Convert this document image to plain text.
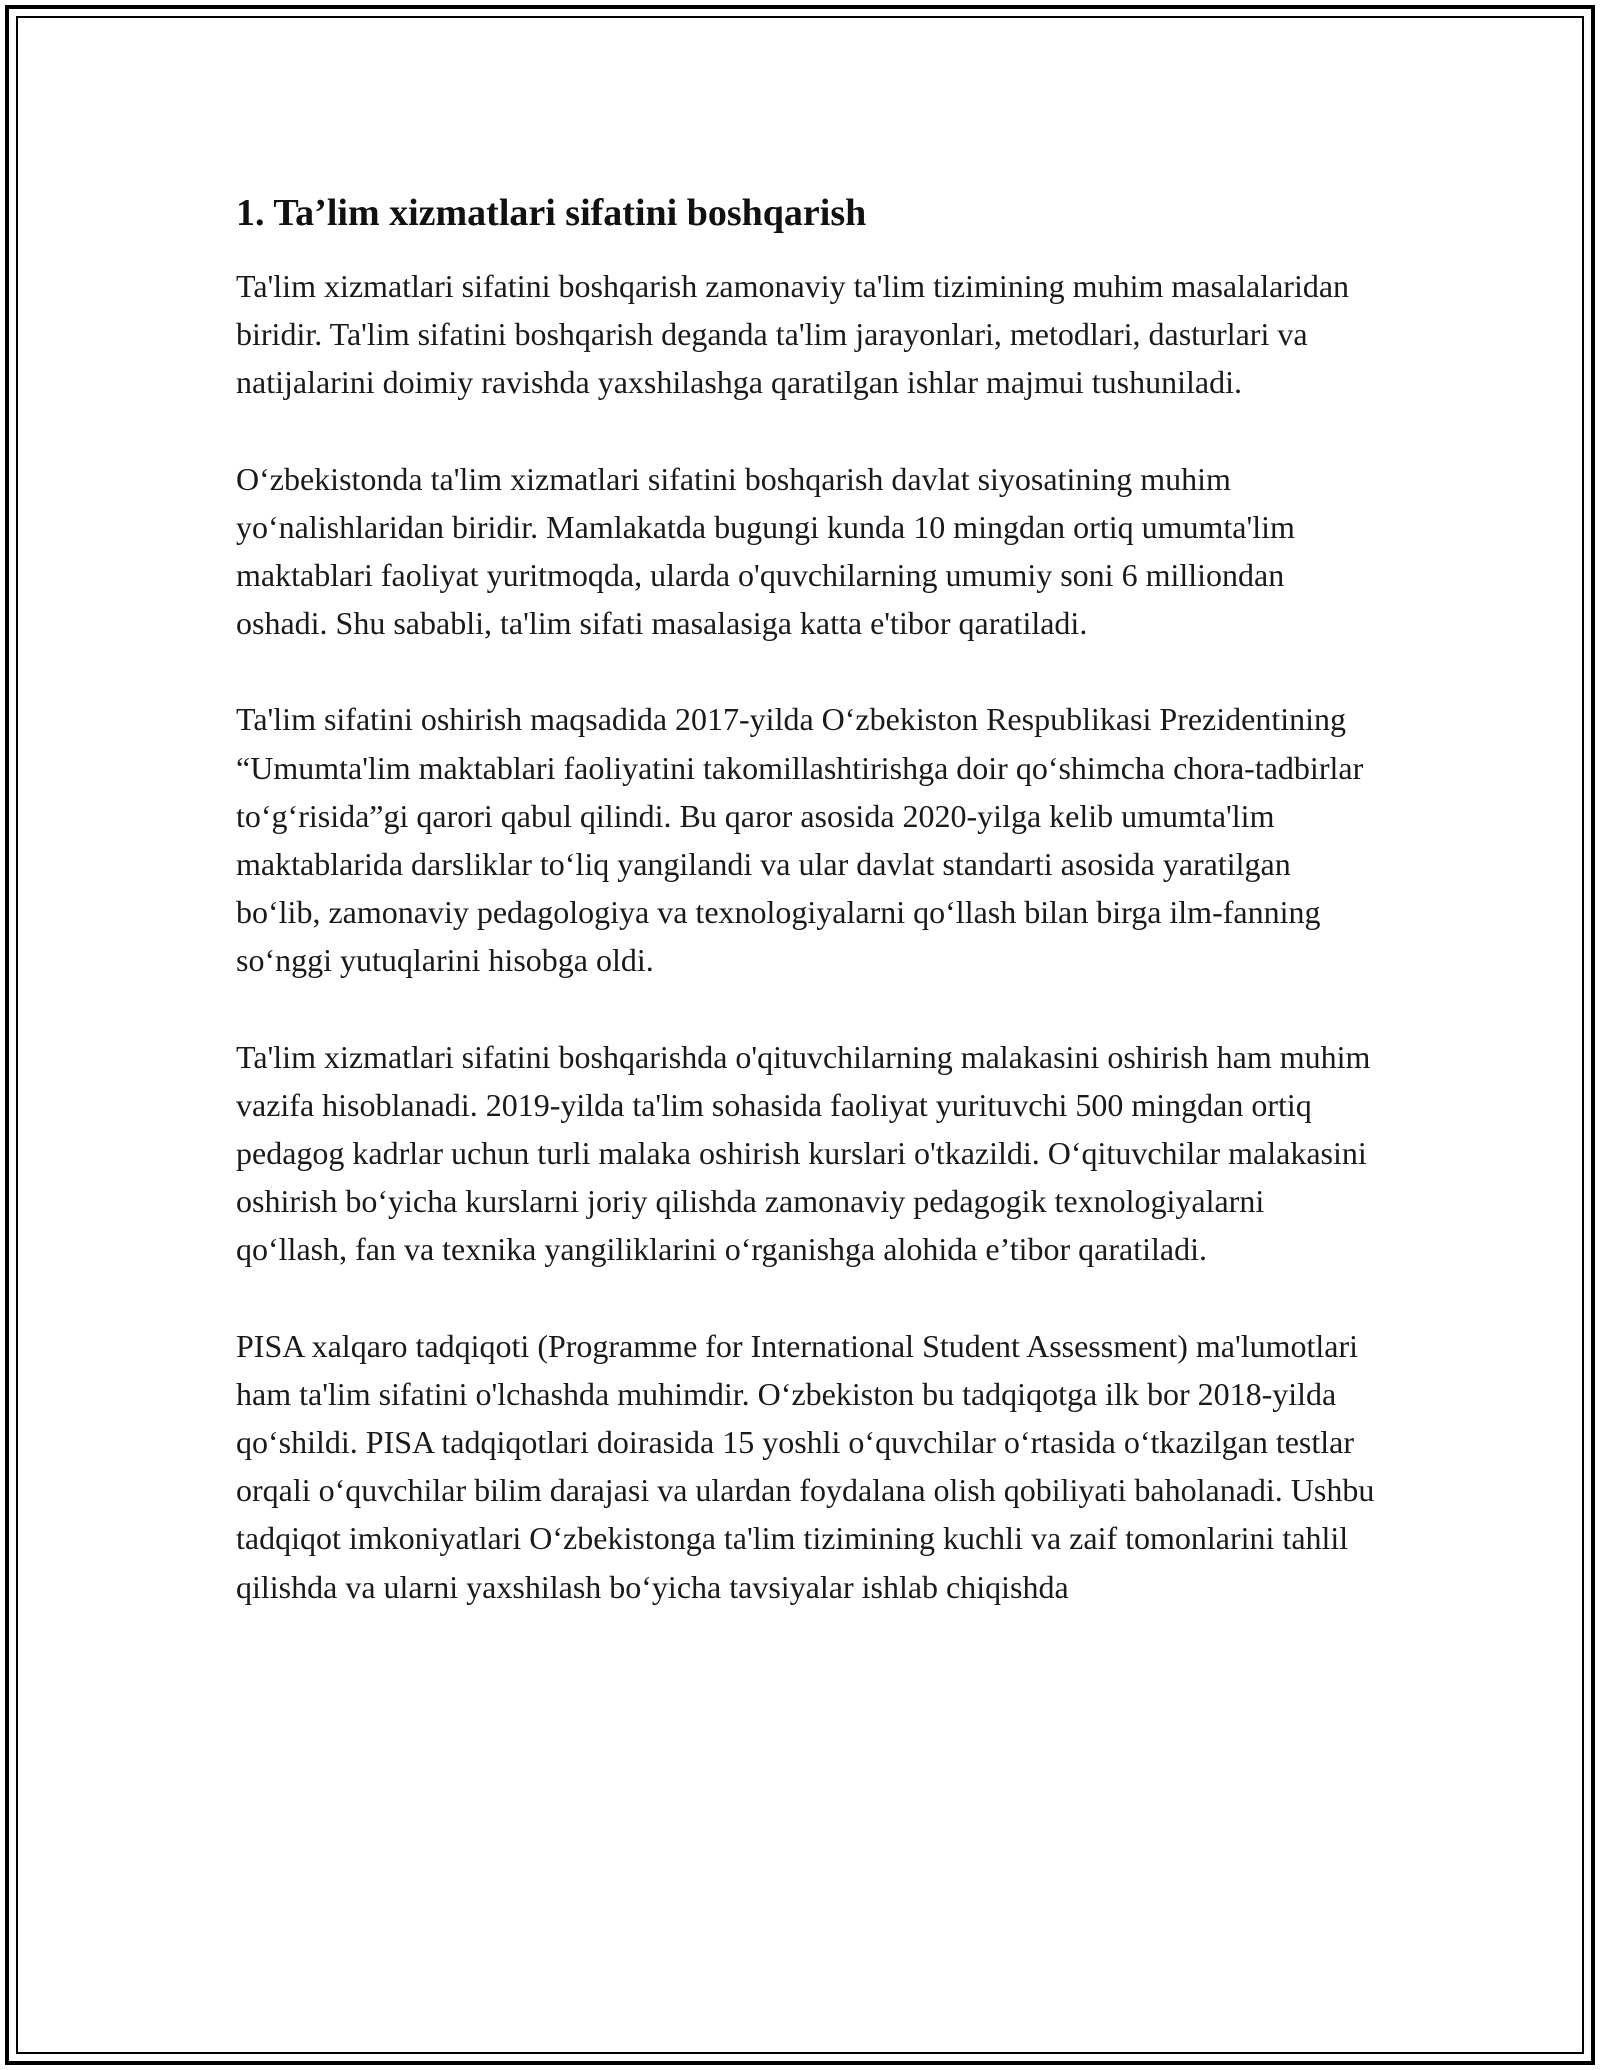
1. Ta’lim xizmatlari sifatini boshqarish

Ta'lim xizmatlari sifatini boshqarish zamonaviy ta'lim tizimining muhim masalalaridan biridir. Ta'lim sifatini boshqarish deganda ta'lim jarayonlari, metodlari, dasturlari va natijalarini doimiy ravishda yaxshilashga qaratilgan ishlar majmui tushuniladi.

O‘zbekistonda ta'lim xizmatlari sifatini boshqarish davlat siyosatining muhim yo‘nalishlaridan biridir. Mamlakatda bugungi kunda 10 mingdan ortiq umumta'lim maktablari faoliyat yuritmoqda, ularda o'quvchilarning umumiy soni 6 milliondan oshadi. Shu sababli, ta'lim sifati masalasiga katta e'tibor qaratiladi.

Ta'lim sifatini oshirish maqsadida 2017-yilda O‘zbekiston Respublikasi Prezidentining “Umumta'lim maktablari faoliyatini takomillashtirishga doir qo‘shimcha chora-tadbirlar to‘g‘risida”gi qarori qabul qilindi. Bu qaror asosida 2020-yilga kelib umumta'lim maktablarida darsliklar to‘liq yangilandi va ular davlat standarti asosida yaratilgan bo‘lib, zamonaviy pedagologiya va texnologiyalarni qo‘llash bilan birga ilm-fanning so‘nggi yutuqlarini hisobga oldi.

Ta'lim xizmatlari sifatini boshqarishda o'qituvchilarning malakasini oshirish ham muhim vazifa hisoblanadi. 2019-yilda ta'lim sohasida faoliyat yurituvchi 500 mingdan ortiq pedagog kadrlar uchun turli malaka oshirish kurslari o'tkazildi. O‘qituvchilar malakasini oshirish bo‘yicha kurslarni joriy qilishda zamonaviy pedagogik texnologiyalarni qo‘llash, fan va texnika yangiliklarini o‘rganishga alohida e’tibor qaratiladi.

PISA xalqaro tadqiqoti (Programme for International Student Assessment) ma'lumotlari ham ta'lim sifatini o'lchashda muhimdir. O‘zbekiston bu tadqiqotga ilk bor 2018-yilda qo‘shildi. PISA tadqiqotlari doirasida 15 yoshli o‘quvchilar o‘rtasida o‘tkazilgan testlar orqali o‘quvchilar bilim darajasi va ulardan foydalana olish qobiliyati baholanadi. Ushbu tadqiqot imkoniyatlari O‘zbekistonga ta'lim tizimining kuchli va zaif tomonlarini tahlil qilishda va ularni yaxshilash bo‘yicha tavsiyalar ishlab chiqishda
